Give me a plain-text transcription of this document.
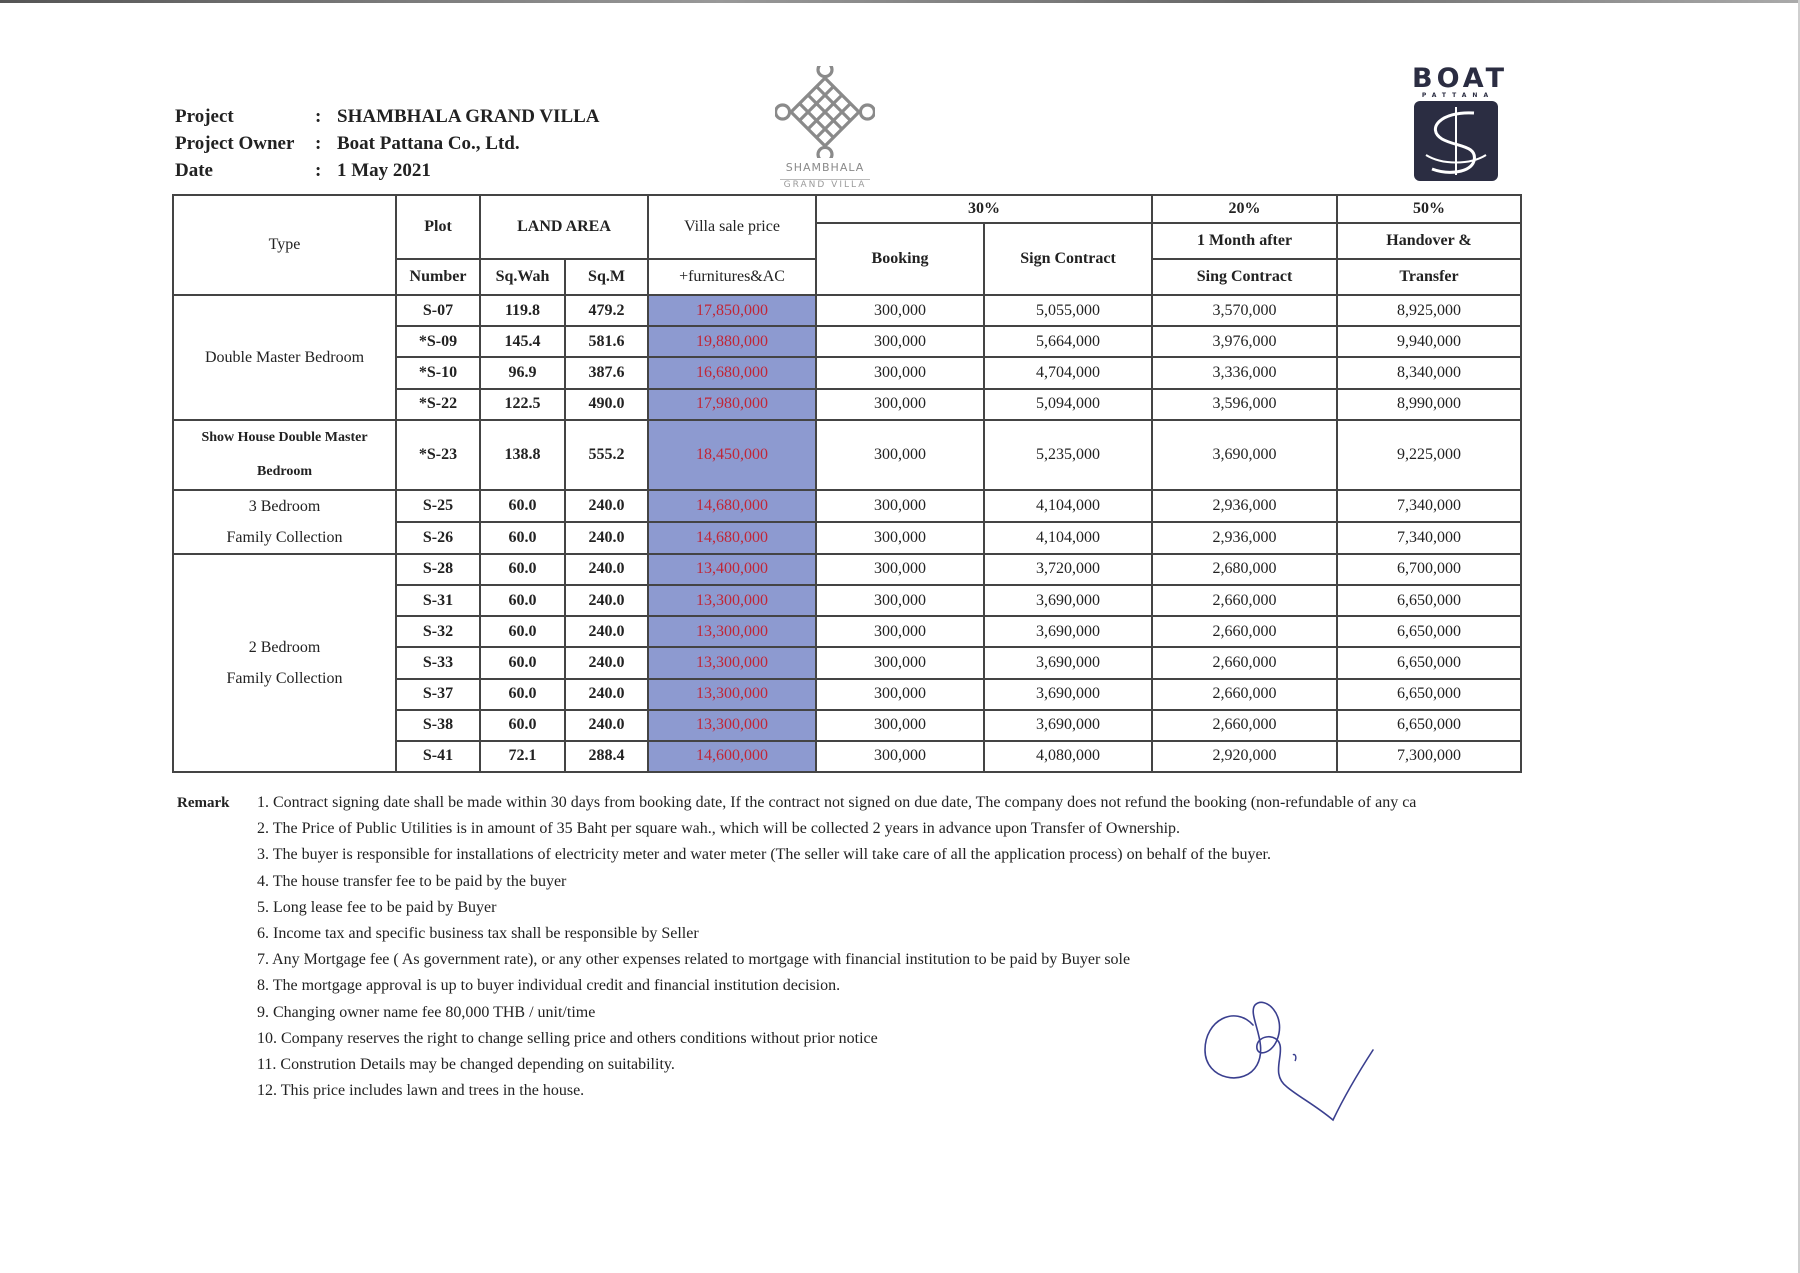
Project	: SHAMBHALA GRAND VILLA
Project Owner	: Boat Pattana Co., Ltd.
Date	: 1 May 2021	SHAMBHALA
GRAND VILLA
BOAT
PATTANA
Type	Plot	LAND AREA		Villa sale price	30%		20%	50%
					Booking	Sign Contract	1 Month after	Handover &
	Number	Sq.Wah	Sq.M	+furnitures&AC			Sing Contract	Transfer
Double Master Bedroom	S-07	119.8	479.2	17,850,000	300,000	5,055,000	3,570,000	8,925,000
	*S-09	145.4	581.6	19,880,000	300,000	5,664,000	3,976,000	9,940,000
	*S-10	96.9	387.6	16,680,000	300,000	4,704,000	3,336,000	8,340,000
	*S-22	122.5	490.0	17,980,000	300,000	5,094,000	3,596,000	8,990,000

Show House Double Master
Bedroom	*S-23	138.8	555.2	18,450,000	300,000	5,235,000	3,690,000	9,225,000

3 Bedroom
Family Collection	S-25	60.0	240.0	14,680,000	300,000	4,104,000	2,936,000	7,340,000
	S-26	60.0	240.0	14,680,000	300,000	4,104,000	2,936,000	7,340,000

2 Bedroom
Family Collection	S-28	60.0	240.0	13,400,000	300,000	3,720,000	2,680,000	6,700,000
	S-31	60.0	240.0	13,300,000	300,000	3,690,000	2,660,000	6,650,000
	S-32	60.0	240.0	13,300,000	300,000	3,690,000	2,660,000	6,650,000
	S-33	60.0	240.0	13,300,000	300,000	3,690,000	2,660,000	6,650,000
	S-37	60.0	240.0	13,300,000	300,000	3,690,000	2,660,000	6,650,000
	S-38	60.0	240.0	13,300,000	300,000	3,690,000	2,660,000	6,650,000
	S-41	72.1	288.4	14,600,000	300,000	4,080,000	2,920,000	7,300,000
Remark 1. Contract signing date shall be made within 30 days from booking date, If the contract not signed on due date, The company does not refund the booking (non-refundable of any ca
2. The Price of Public Utilities is in amount of 35 Baht per square wah., which will be collected 2 years in advance upon Transfer of Ownership.
3. The buyer is responsible for installations of electricity meter and water meter (The seller will take care of all the application process) on behalf of the buyer.
4. The house transfer fee to be paid by the buyer
5. Long lease fee to be paid by Buyer
6. Income tax and specific business tax shall be responsible by Seller
7. Any Mortgage fee ( As government rate), or any other expenses related to mortgage with financial institution to be paid by Buyer sole
8. The mortgage approval is up to buyer individual credit and financial institution decision.
9. Changing owner name fee 80,000 THB / unit/time
10. Company reserves the right to change selling price and others conditions without prior notice
11. Constrution Details may be changed depending on suitability.
12. This price includes lawn and trees in the house.
